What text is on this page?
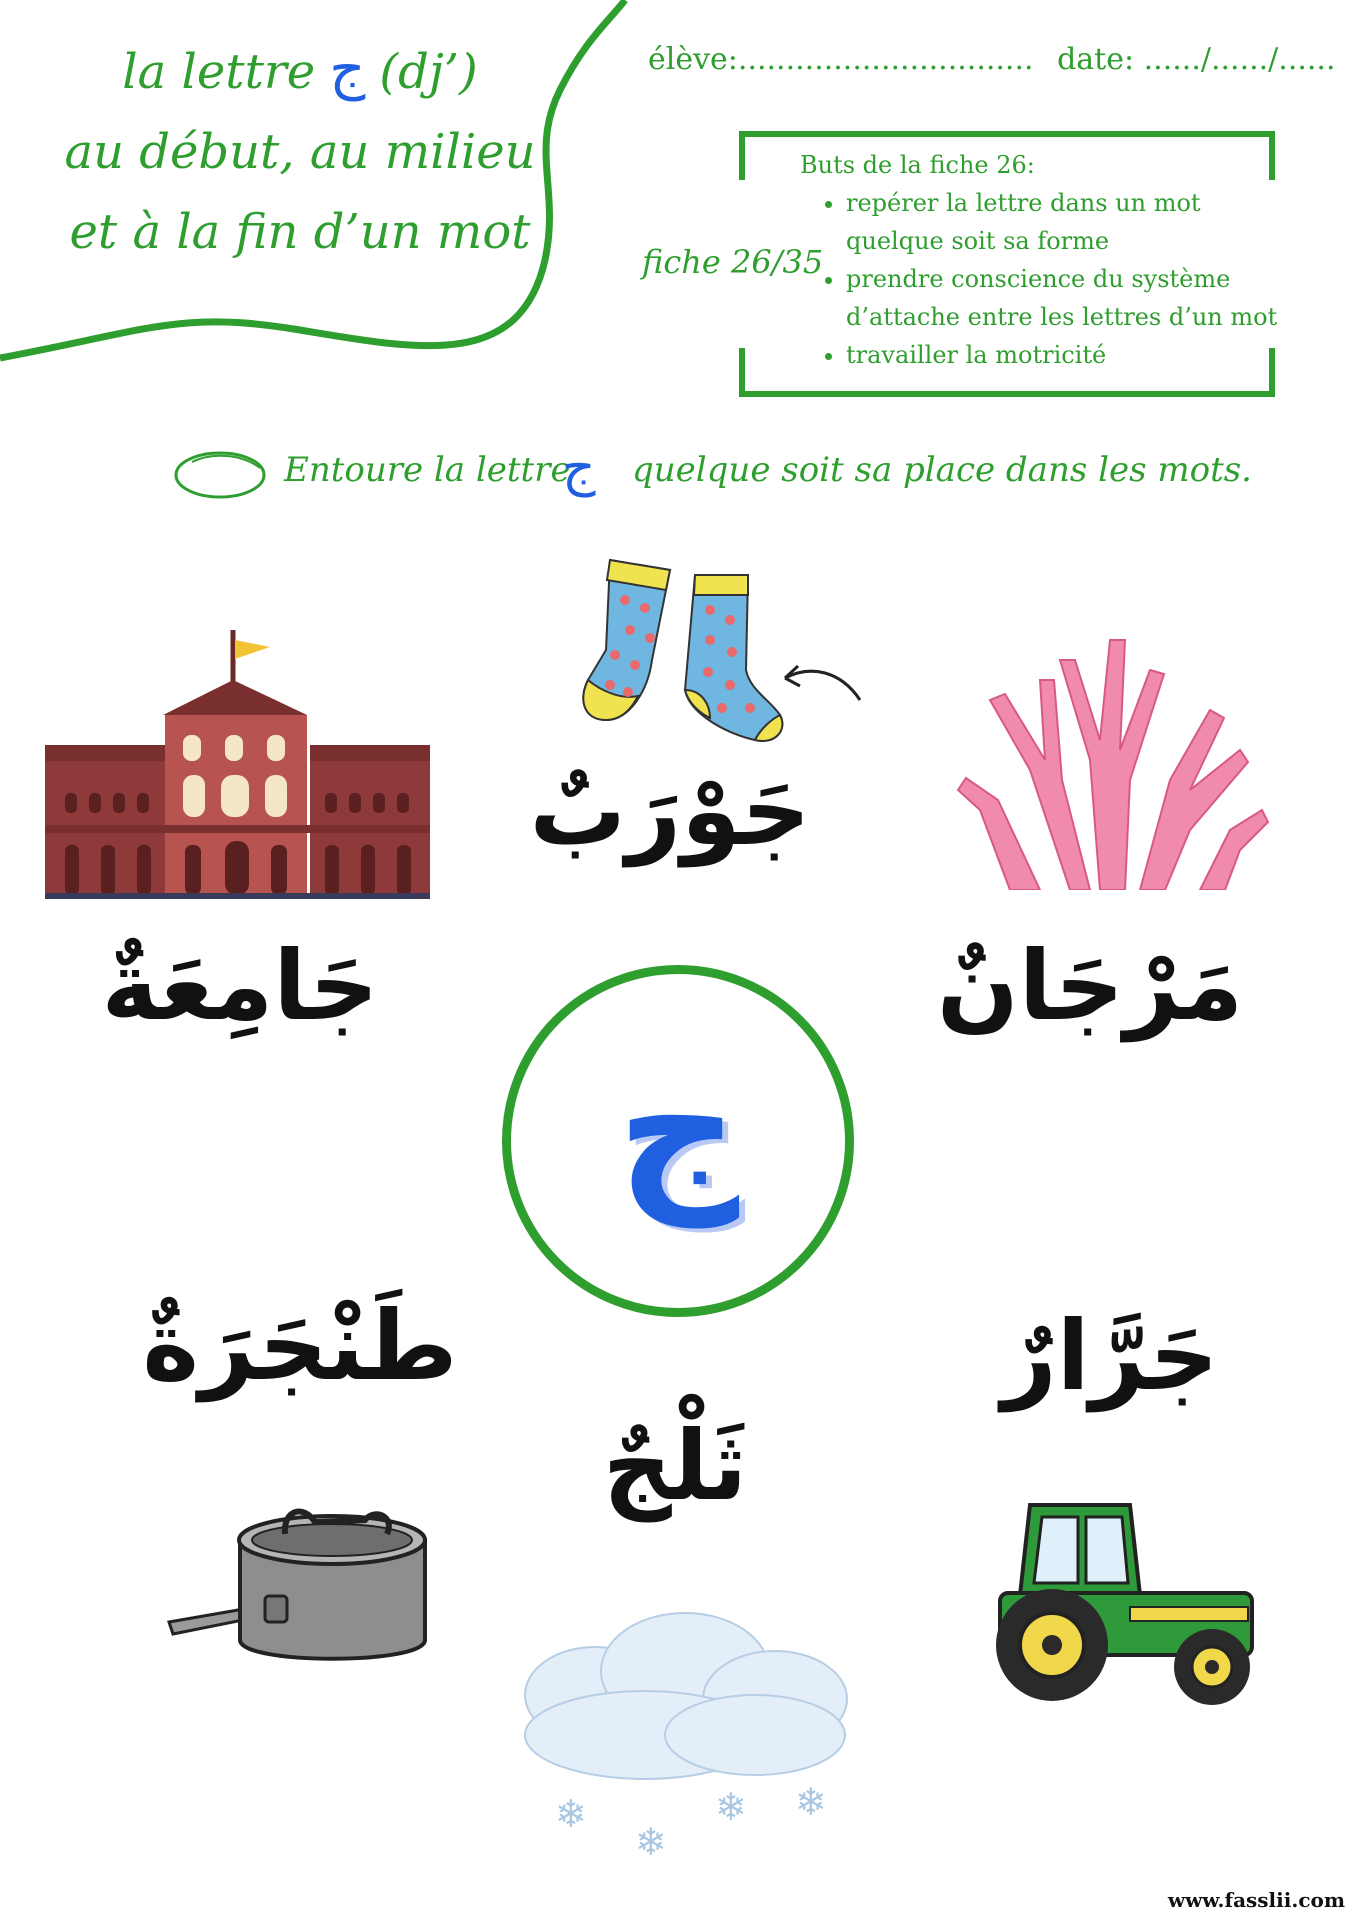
la lettre ج (dj’)
au début, au milieu
et à la fin d’un mot
élève:............................... date: ....../....../......
fiche 26/35
Buts de la fiche 26:
• repérer la lettre dans un mot quelque soit sa forme
• prendre conscience du système d’attache entre les lettres d’un mot
• travailler la motricité
Entoure la lettre
ج quelque soit sa place dans les mots.
جَوْرَبٌ
جَامِعَةٌ	مَرْجَانٌ
ج
طَنْجَرَةٌ
ثَلْجٌ
❄
❄
❄ ❄
جَرَّارٌ
www.fasslii.com
